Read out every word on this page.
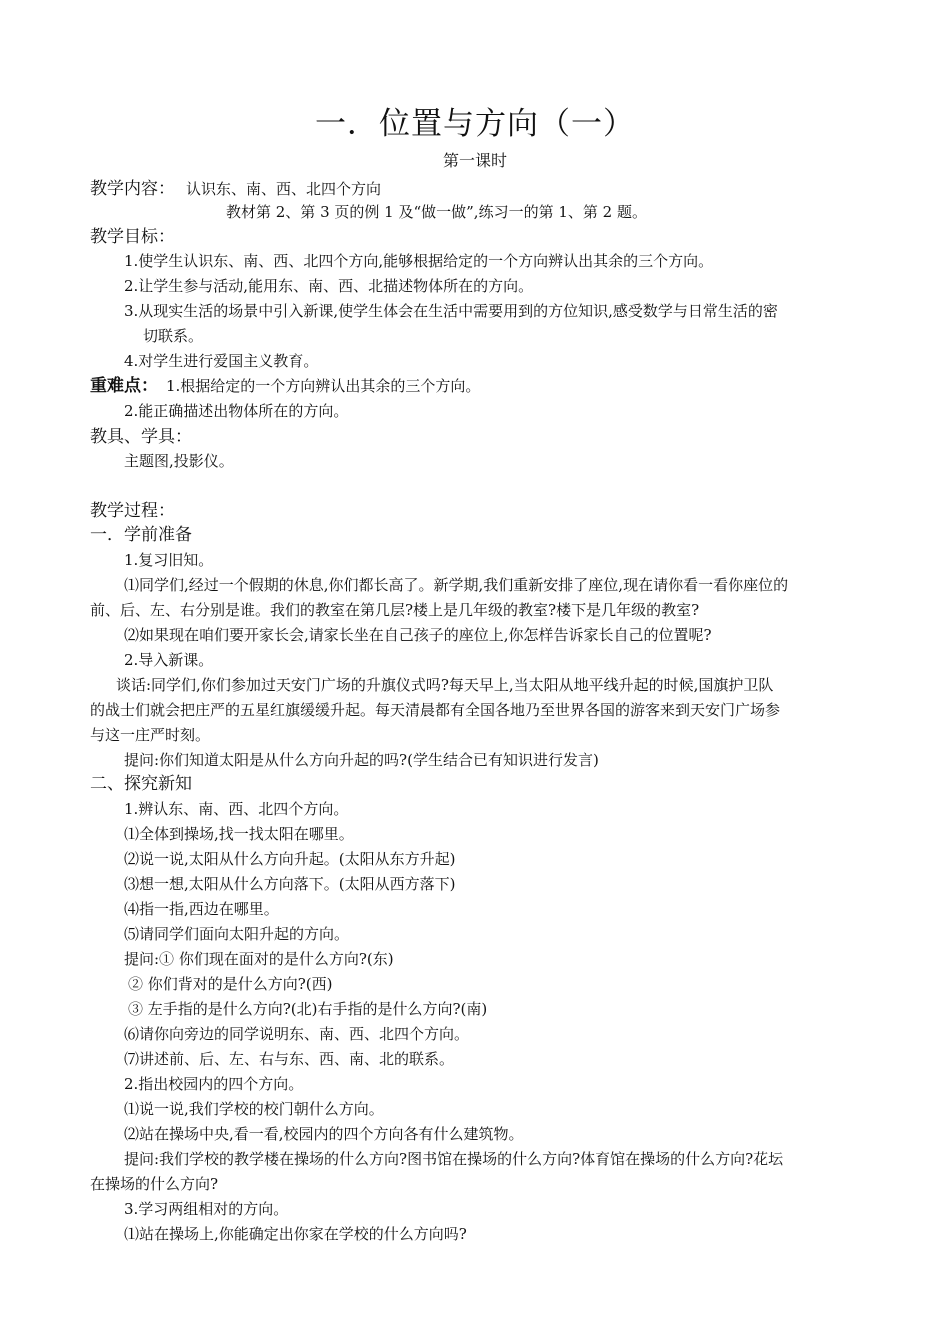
一．位置与方向（一）
第一课时
教学内容： 认识东、南、西、北四个方向
教材第 2、第 3 页的例 1 及“做一做”,练习一的第 1、第 2 题。
教学目标：
1.使学生认识东、南、西、北四个方向,能够根据给定的一个方向辨认出其余的三个方向。
2.让学生参与活动,能用东、南、西、北描述物体所在的方向。
3.从现实生活的场景中引入新课,使学生体会在生活中需要用到的方位知识,感受数学与日常生活的密
切联系。
4.对学生进行爱国主义教育。
重难点： 1.根据给定的一个方向辨认出其余的三个方向。
2.能正确描述出物体所在的方向。
教具、学具：
主题图,投影仪。
教学过程：
一．学前准备
1.复习旧知。
⑴同学们,经过一个假期的休息,你们都长高了。新学期,我们重新安排了座位,现在请你看一看你座位的
前、后、左、右分别是谁。我们的教室在第几层?楼上是几年级的教室?楼下是几年级的教室?
⑵如果现在咱们要开家长会,请家长坐在自己孩子的座位上,你怎样告诉家长自己的位置呢?
2.导入新课。
谈话:同学们,你们参加过天安门广场的升旗仪式吗?每天早上,当太阳从地平线升起的时候,国旗护卫队
的战士们就会把庄严的五星红旗缓缓升起。每天清晨都有全国各地乃至世界各国的游客来到天安门广场参
与这一庄严时刻。
提问:你们知道太阳是从什么方向升起的吗?(学生结合已有知识进行发言)
二、探究新知
1.辨认东、南、西、北四个方向。
⑴全体到操场,找一找太阳在哪里。
⑵说一说,太阳从什么方向升起。(太阳从东方升起)
⑶想一想,太阳从什么方向落下。(太阳从西方落下)
⑷指一指,西边在哪里。
⑸请同学们面向太阳升起的方向。
提问:① 你们现在面对的是什么方向?(东)
② 你们背对的是什么方向?(西)
③ 左手指的是什么方向?(北)右手指的是什么方向?(南)
⑹请你向旁边的同学说明东、南、西、北四个方向。
⑺讲述前、后、左、右与东、西、南、北的联系。
2.指出校园内的四个方向。
⑴说一说,我们学校的校门朝什么方向。
⑵站在操场中央,看一看,校园内的四个方向各有什么建筑物。
提问:我们学校的教学楼在操场的什么方向?图书馆在操场的什么方向?体育馆在操场的什么方向?花坛
在操场的什么方向?
3.学习两组相对的方向。
⑴站在操场上,你能确定出你家在学校的什么方向吗?
